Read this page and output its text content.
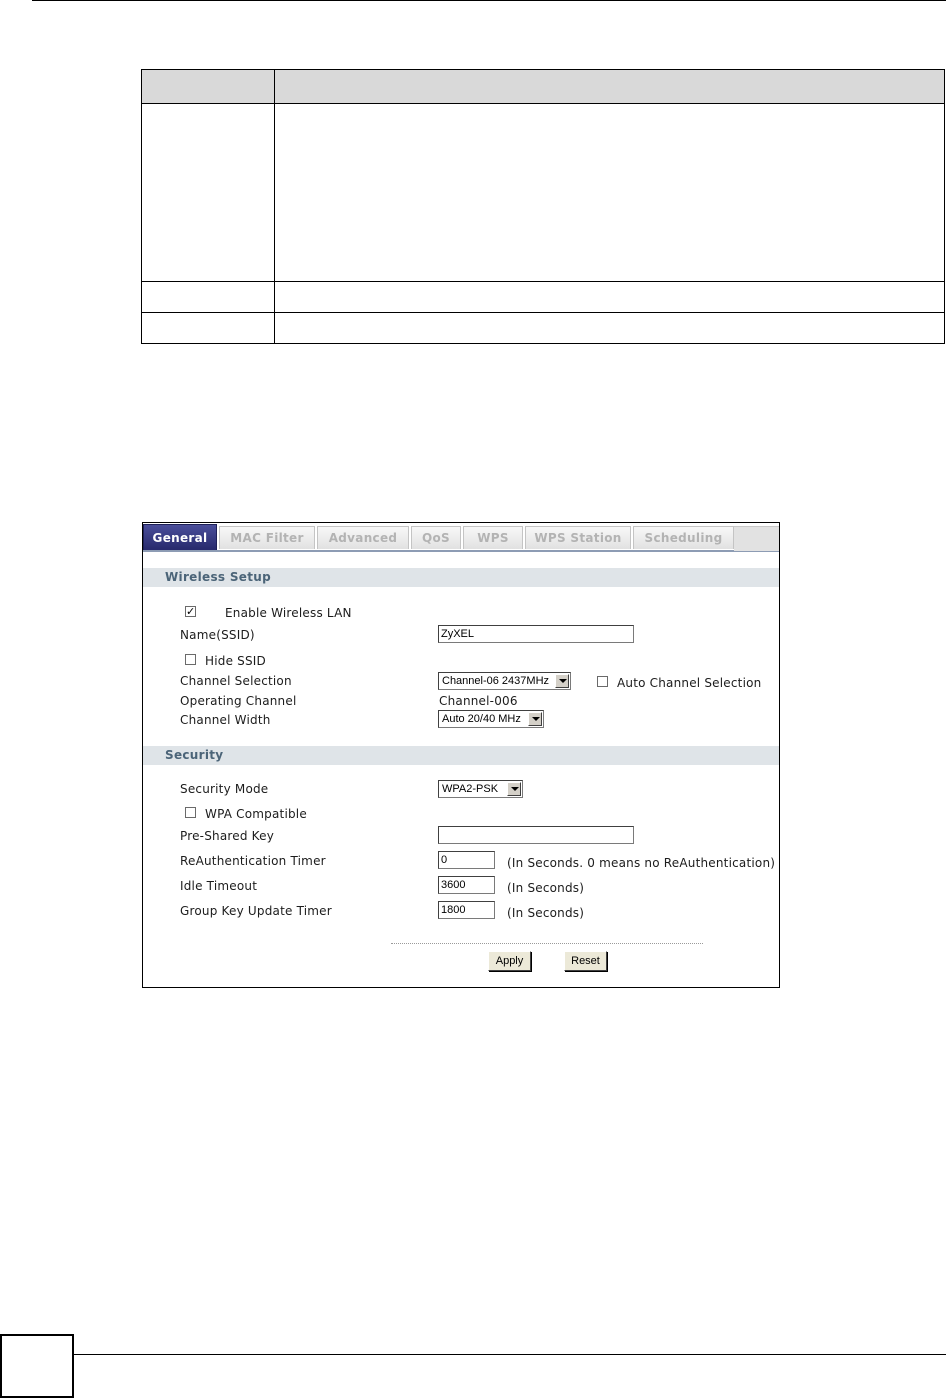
General	MAC Filter	Advanced	QoS	WPS	WPS Station	Scheduling
Wireless Setup
✓ Enable Wireless LAN
Name(SSID)	ZyXEL
Hide SSID
Channel Selection	Channel-06 2437MHz	Auto Channel Selection
Operating Channel	Channel-006
Channel Width	Auto 20/40 MHz
Security
Security Mode	WPA2-PSK
WPA Compatible
Pre-Shared Key
ReAuthentication Timer	0	(In Seconds. 0 means no ReAuthentication)
Idle Timeout	3600	(In Seconds)
Group Key Update Timer	1800	(In Seconds)
Apply	Reset
